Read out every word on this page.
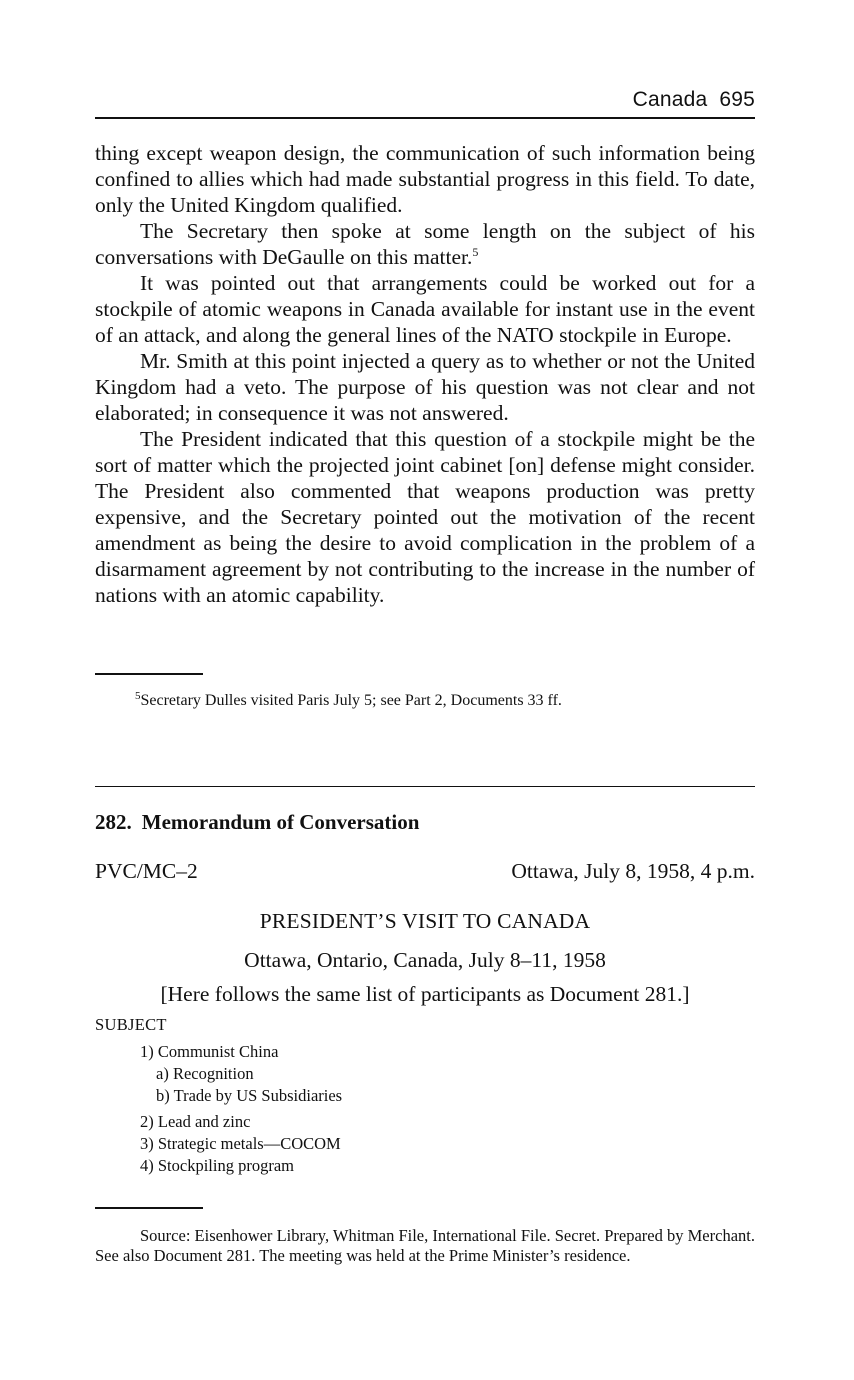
Canada 695

thing except weapon design, the communication of such information being confined to allies which had made substantial progress in this field. To date, only the United Kingdom qualified.

The Secretary then spoke at some length on the subject of his conversations with DeGaulle on this matter.$^5$

It was pointed out that arrangements could be worked out for a stockpile of atomic weapons in Canada available for instant use in the event of an attack, and along the general lines of the NATO stockpile in Europe.

Mr. Smith at this point injected a query as to whether or not the United Kingdom had a veto. The purpose of his question was not clear and not elaborated; in consequence it was not answered.

The President indicated that this question of a stockpile might be the sort of matter which the projected joint cabinet [on] defense might consider. The President also commented that weapons production was pretty expensive, and the Secretary pointed out the motivation of the recent amendment as being the desire to avoid complication in the problem of a disarmament agreement by not contributing to the increase in the number of nations with an atomic capability.

$^5$Secretary Dulles visited Paris July 5; see Part 2, Documents 33 ff.
282. Memorandum of Conversation
PVC/MC–2	Ottawa, July 8, 1958, 4 p.m.
PRESIDENT’S VISIT TO CANADA
Ottawa, Ontario, Canada, July 8–11, 1958
[Here follows the same list of participants as Document 281.]
SUBJECT
1) Communist China
a) Recognition
b) Trade by US Subsidiaries
2) Lead and zinc
3) Strategic metals—COCOM
4) Stockpiling program
Source: Eisenhower Library, Whitman File, International File. Secret. Prepared by Merchant. See also Document 281. The meeting was held at the Prime Minister’s residence.
